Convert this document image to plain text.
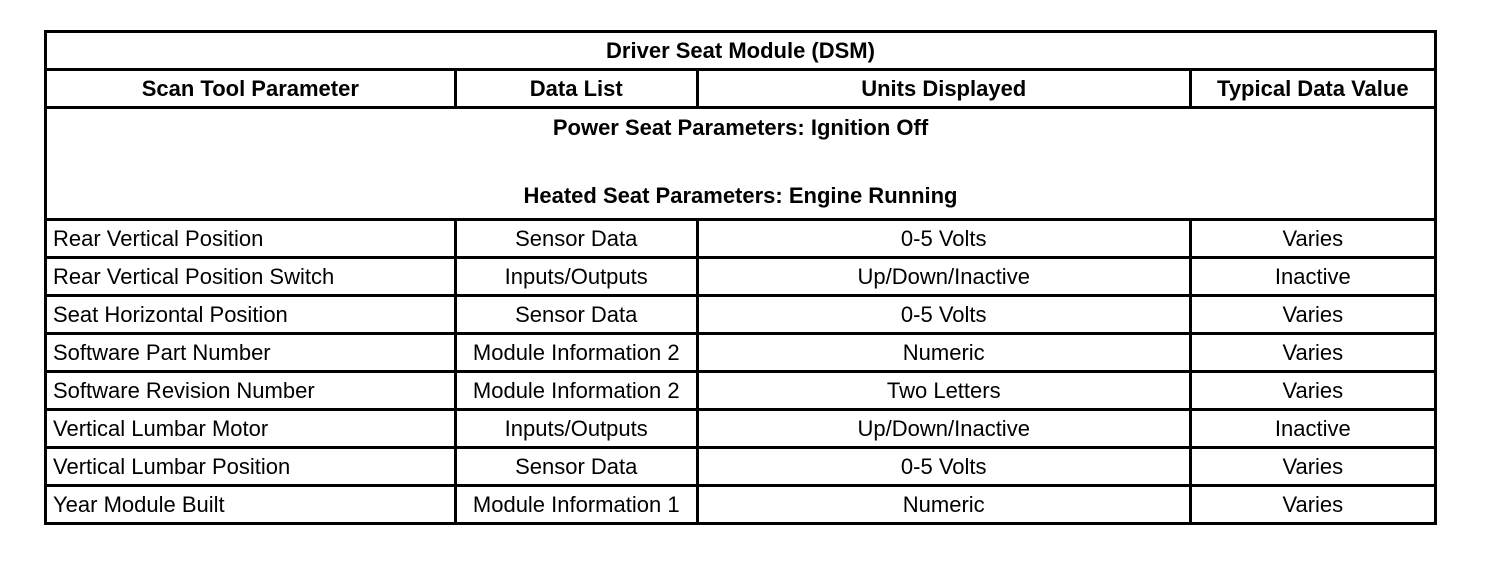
Driver Seat Module (DSM)			
Scan Tool Parameter	Data List	Units Displayed	Typical Data Value

Power Seat Parameters: Ignition Off
Heated Seat Parameters: Engine Running			

Rear Vertical Position	Sensor Data	0-5 Volts	Varies
Rear Vertical Position Switch	Inputs/Outputs	Up/Down/Inactive	Inactive
Seat Horizontal Position	Sensor Data	0-5 Volts	Varies
Software Part Number	Module Information 2	Numeric	Varies
Software Revision Number	Module Information 2	Two Letters	Varies
Vertical Lumbar Motor	Inputs/Outputs	Up/Down/Inactive	Inactive
Vertical Lumbar Position	Sensor Data	0-5 Volts	Varies
Year Module Built	Module Information 1	Numeric	Varies
